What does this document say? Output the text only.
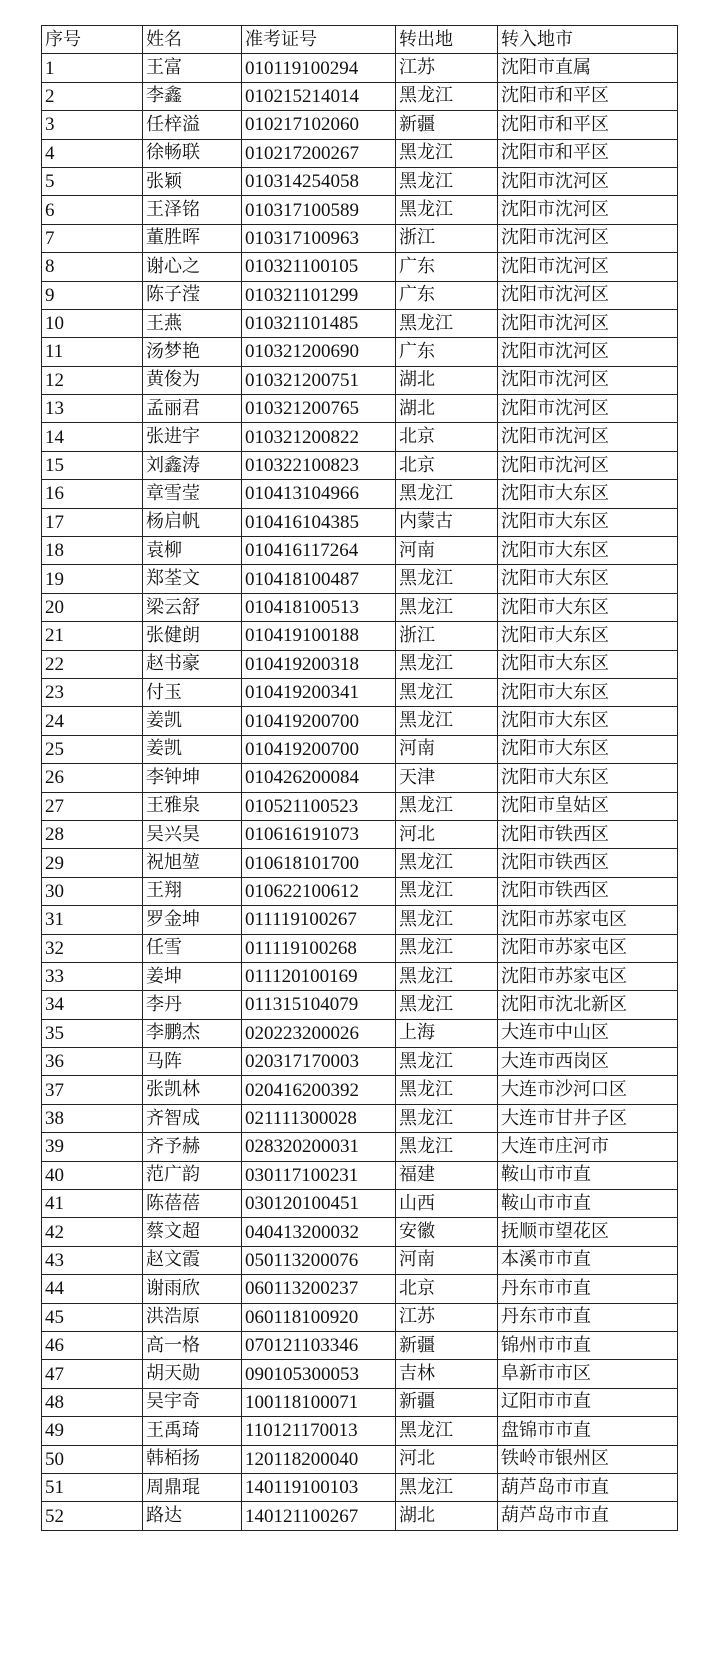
序号	姓名	准考证号	转出地	转入地市
1	王富	010119100294	江苏	沈阳市直属
2	李鑫	010215214014	黑龙江	沈阳市和平区
3	任梓溢	010217102060	新疆	沈阳市和平区
4	徐畅联	010217200267	黑龙江	沈阳市和平区
5	张颖	010314254058	黑龙江	沈阳市沈河区
6	王泽铭	010317100589	黑龙江	沈阳市沈河区
7	董胜晖	010317100963	浙江	沈阳市沈河区
8	谢心之	010321100105	广东	沈阳市沈河区
9	陈子滢	010321101299	广东	沈阳市沈河区
10	王燕	010321101485	黑龙江	沈阳市沈河区
11	汤梦艳	010321200690	广东	沈阳市沈河区
12	黄俊为	010321200751	湖北	沈阳市沈河区
13	孟丽君	010321200765	湖北	沈阳市沈河区
14	张进宇	010321200822	北京	沈阳市沈河区
15	刘鑫涛	010322100823	北京	沈阳市沈河区
16	章雪莹	010413104966	黑龙江	沈阳市大东区
17	杨启帆	010416104385	内蒙古	沈阳市大东区
18	袁柳	010416117264	河南	沈阳市大东区
19	郑荃文	010418100487	黑龙江	沈阳市大东区
20	梁云舒	010418100513	黑龙江	沈阳市大东区
21	张健朗	010419100188	浙江	沈阳市大东区
22	赵书豪	010419200318	黑龙江	沈阳市大东区
23	付玉	010419200341	黑龙江	沈阳市大东区
24	姜凯	010419200700	黑龙江	沈阳市大东区
25	姜凯	010419200700	河南	沈阳市大东区
26	李钟坤	010426200084	天津	沈阳市大东区
27	王雅泉	010521100523	黑龙江	沈阳市皇姑区
28	吴兴昊	010616191073	河北	沈阳市铁西区
29	祝旭堃	010618101700	黑龙江	沈阳市铁西区
30	王翔	010622100612	黑龙江	沈阳市铁西区
31	罗金坤	011119100267	黑龙江	沈阳市苏家屯区
32	任雪	011119100268	黑龙江	沈阳市苏家屯区
33	姜坤	011120100169	黑龙江	沈阳市苏家屯区
34	李丹	011315104079	黑龙江	沈阳市沈北新区
35	李鹏杰	020223200026	上海	大连市中山区
36	马阵	020317170003	黑龙江	大连市西岗区
37	张凯林	020416200392	黑龙江	大连市沙河口区
38	齐智成	021111300028	黑龙江	大连市甘井子区
39	齐予赫	028320200031	黑龙江	大连市庄河市
40	范广韵	030117100231	福建	鞍山市市直
41	陈蓓蓓	030120100451	山西	鞍山市市直
42	蔡文超	040413200032	安徽	抚顺市望花区
43	赵文霞	050113200076	河南	本溪市市直
44	谢雨欣	060113200237	北京	丹东市市直
45	洪浩原	060118100920	江苏	丹东市市直
46	高一格	070121103346	新疆	锦州市市直
47	胡天勋	090105300053	吉林	阜新市市区
48	吴宇奇	100118100071	新疆	辽阳市市直
49	王禹琦	110121170013	黑龙江	盘锦市市直
50	韩栢扬	120118200040	河北	铁岭市银州区
51	周鼎琨	140119100103	黑龙江	葫芦岛市市直
52	路达	140121100267	湖北	葫芦岛市市直
